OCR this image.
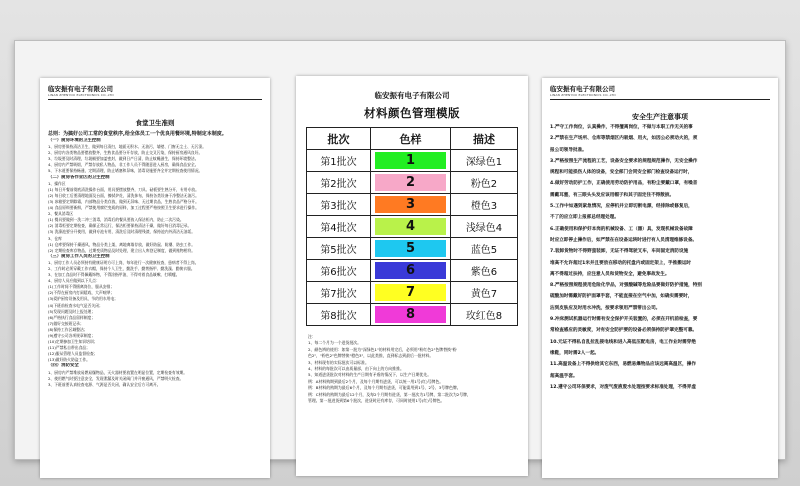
临安振有电子有限公司
LINAN ZHENYOU ELECTRONICS CO.,LTD
食堂卫生准则
总则：为搞好公司工常的食堂秩序,给全体员工一个优良用餐环境,特制定本制度。
（一）厨房环境的卫生控制
1、厨房要保持清洁卫生，做到每日清扫，地面无积水、无油污，墙壁、门窗无尘土、无污渍。
2、厨房内各类物品要摆放整齐，生熟食品要分开存放，防止交叉污染，保持厨房通风良好。
3、垃圾要及时清理，垃圾桶要加盖密封，做到日产日清，防止蚊蝇滋生，保持环境整洁。
4、厨房内严禁吸烟，严禁存放私人物品，非工作人员不得随意进入厨房，确保食品安全。
5、下水道要保持畅通，定期清理，防止堵塞和异味，消毒设施要齐全并定期检查使用情况。
（二）厨房各作业区的卫生控制
1、操作区
(1) 每日开餐前彻底清洗操作台面，用具要摆放整齐，刀具、砧板要生熟分开，专用专放。
(2) 每日收工后要清理地面及台面，擦拭炉灶，清洗抹布，保持各类设备干净整洁无油污。
(3) 冰箱要定期除霜，内部物品分类存放，做到无异味、无过期食品，生熟食品严格分开。
(4) 食品原料要新鲜，严禁使用腐烂变质的原料，加工过程要严格按照卫生要求进行操作。
2、餐具消毒区
(1) 餐具要做到一洗二冲三消毒，消毒后的餐具要放入保洁柜内，防止二次污染。
(2) 消毒柜要定期检查，确保正常运行，保洁柜要保持清洁干燥，做好每日消毒记录。
(3) 洗涤池要分开使用，做到专池专用，清洗后及时清理残渣，保持池内外清洁无油垢。
3、仓库
(1) 仓库要保持干燥通风，物品分类上架，离地离墙存放，做好防鼠、防潮、防虫工作。
(2) 定期检查库存物品，过期变质物品及时处理，建立出入库登记制度，做到账物相符。
（三）厨房工作人员的卫生控制
1、厨房工作人员必须持有健康证明方可上岗，每年进行一次健康检查，患病者不得上岗。
2、工作时必须穿戴工作衣帽，保持个人卫生，勤洗手、勤剪指甲、勤洗澡、勤换衣服。
3、在加工食品时不得佩戴饰物，不得涂指甲油，不得对着食品咳嗽、打喷嚏。
4、厨房人员应做到以下几点：
(1)工作时间不得擅离岗位，服从安排；
(2)不得在厨房内打闹嬉戏，大声喧哗；
(3)爱护厨房设备及用具，节约用水用电；
(4)下班前检查水电气是否关闭；
(5)发现问题及时上报处理；
(6)严格执行食品留样制度；
(7)做好交接班记录；
(8)保持工作区域整洁；
(9)遵守公司各项规章制度；
(10)定期参加卫生知识培训；
(11)严禁私自带出食品；
(12)服从管理人员监督检查；
(13)做好防火防盗工作。
（四）消防安全
1、厨房内严禁堆放易燃易爆物品，灭火器材要放置在明显位置，定期检查有效期。
2、使用燃气时要注意安全，发现泄漏及时关闭阀门并开窗通风，严禁明火检查。
3、下班前要认真检查电源、气源是否关闭，确认安全后方可离开。
临安振有电子有限公司
材料颜色管理模版
批次	色样	描述
第1批次	1	深绿色1
第2批次	2	粉色2
第3批次	3	橙色3
第4批次	4	浅绿色4
第5批次	5	蓝色5
第6批次	6	紫色6
第7批次	7	黄色7
第8批次	8	玫红色8
注：
1、每二个月为一个进货批次。
2、颜色辨的使用：如第一批为"深绿色1"的材料用完后，必须用"粉红色2"色牌替换"粉
色2"，"粉色2"色牌替换"橙色3"，以此类推，直到标志到最后一批材料。
3、材料现有的实际批次可以标准。
4、材料的每批次可以由质量部，由下向上的方向推推。
5、知道进货批次对材料的生产日期有矛盾的情况下，以生产日期优先。
例：A材料购期到最后2个月，及每个月期有进货，可以统一用1号(红)号牌色。
例：B材料的购期为最后6个月，及每个月期有进货，可能需用到1号、2号、3号牌色牌。
例：C材料的购期为最后12个月，及每2个月期有进货，第一批次为1号牌，第二批次为2号牌，
管理。第一批进货到第6个批次，进货时还有库存，可同时使用1号(红)号牌色。
临安振有电子有限公司
LINAN ZHENYOU ELECTRONICS CO.,LTD
安全生产注意事项
1.严守工作岗位，认真操作，不得擅离岗位，不做与本职工作无关的事
2.严禁在生产场所、仓库等禁烟区内吸烟、用火，如因公必须动火的，须
报公司领导批准。
3.严格按照生产流程的工艺，设备安全要求的规程规范操作，无安全操作
规程和可能损伤人体的设备，安全部门会同安全部门检查设备运行时，
4.做好劳动防护工作，正确使用劳动防护用品，有粉尘要戴口罩，有噪音
需戴耳塞，有三眼头头发应该用帽子和其子固定住不得散披。
5.工作中如遇到紧急情况，应停机并立即切断电源，经排除或修复后，
不了的应立即上报部总经理处理。
6.正确使用和保护好本岗的机械设备、工（器）具，发现机械设备故障
时应立即停止操作后，如严禁在在设备运转时进行有人员清理维修设备。
7.装卸货物时不得野蛮装卸，无证不得驾驶叉车，车间固定消防设施
堆高不允许超过1米并且要放在移动的托盘内或固定架上，手推搬运时
离不得超过扶持，应注意人员和货物安全，避免事故发生。
8.严格按照规程使用危险化学品，对强酸碱等危险品要做好防护措施，特别
硫酸加时需戴好防护面罩手套，不能直接在空气中加，如确实需要时，
沾到皮肤应及时用水冲洗，按要求领用严禁带出公司。
9.冲床测试机器运行时需有安全保护开关装置的，必须在开机前检查，要
常检查感应的灵敏度，对有安全防护要的设备必须保持防护罩完整可靠。
10.元证不得私自乱拉乱接电线和进入高低压配电房，电工作业时需穿绝
缘鞋，同时需2人一起。
11.高温设备上不得供给其它东西，易燃易爆物品应该远离高温区，操作
超高温手套。
12.遵守公司环保要求，对废气废液废水处理按要求标准处理，不得弄虚
